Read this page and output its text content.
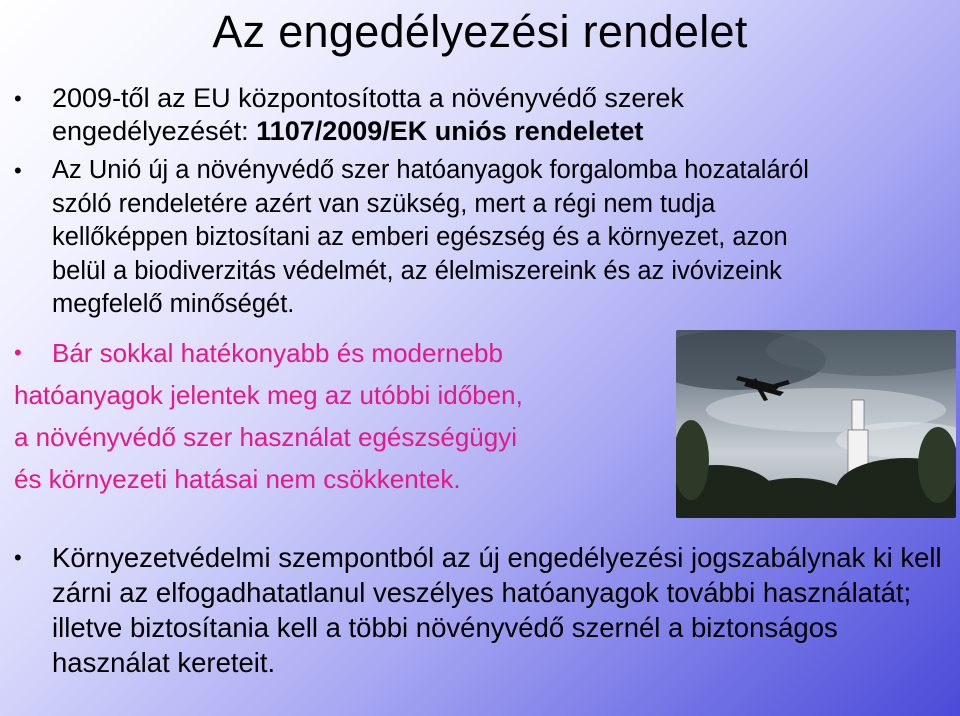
Az engedélyezési rendelet
• 2009-től az EU központosította a növényvédő szerek engedélyezését: 1107/2009/EK uniós rendeletet
• Az Unió új a növényvédő szer hatóanyagok forgalomba hozataláról szóló rendeletére azért van szükség, mert a régi nem tudja kellőképpen biztosítani az emberi egészség és a környezet, azon belül a biodiverzitás védelmét, az élelmiszereink és az ivóvizeink megfelelő minőségét.
• Bár sokkal hatékonyabb és modernebb
hatóanyagok jelentek meg az utóbbi időben,
a növényvédő szer használat egészségügyi
és környezeti hatásai nem csökkentek.
• Környezetvédelmi szempontból az új engedélyezési jogszabálynak ki kell zárni az elfogadhatatlanul veszélyes hatóanyagok további használatát; illetve biztosítania kell a többi növényvédő szernél a biztonságos használat kereteit.
